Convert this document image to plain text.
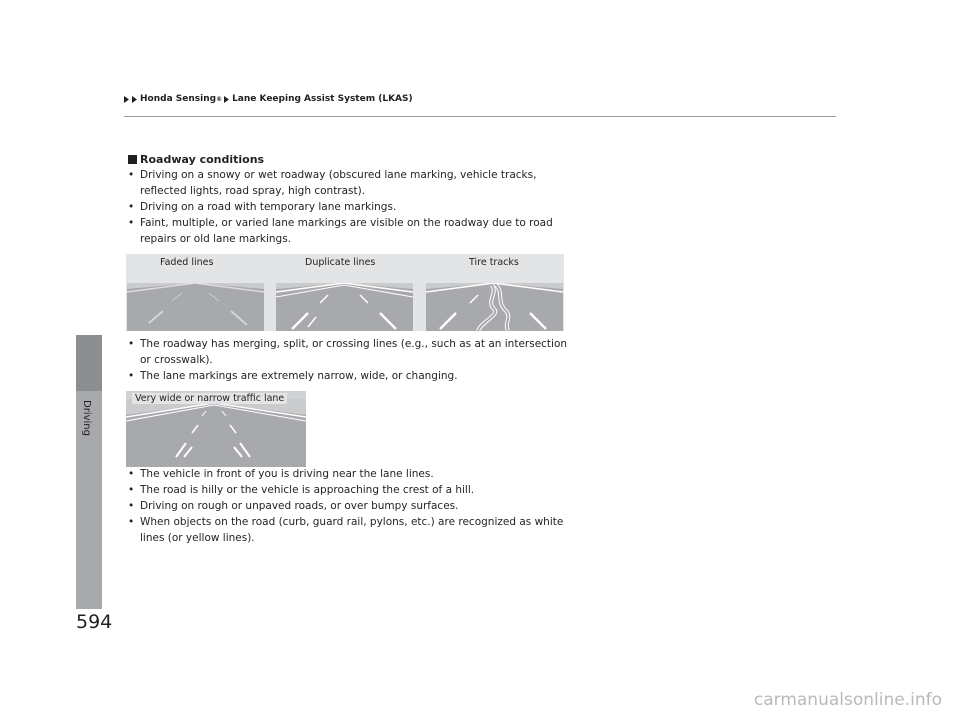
Honda Sensing ® Lane Keeping Assist System (LKAS)
Driving
594
Roadway conditions
• Driving on a snowy or wet roadway (obscured lane marking, vehicle tracks, reflected lights, road spray, high contrast).
• Driving on a road with temporary lane markings.
• Faint, multiple, or varied lane markings are visible on the roadway due to road repairs or old lane markings.
Faded lines	Duplicate lines	Tire tracks
• The roadway has merging, split, or crossing lines (e.g., such as at an intersection or crosswalk).
• The lane markings are extremely narrow, wide, or changing.
Very wide or narrow traffic lane
• The vehicle in front of you is driving near the lane lines.
• The road is hilly or the vehicle is approaching the crest of a hill.
• Driving on rough or unpaved roads, or over bumpy surfaces.
• When objects on the road (curb, guard rail, pylons, etc.) are recognized as white lines (or yellow lines).
carmanualsonline.info
